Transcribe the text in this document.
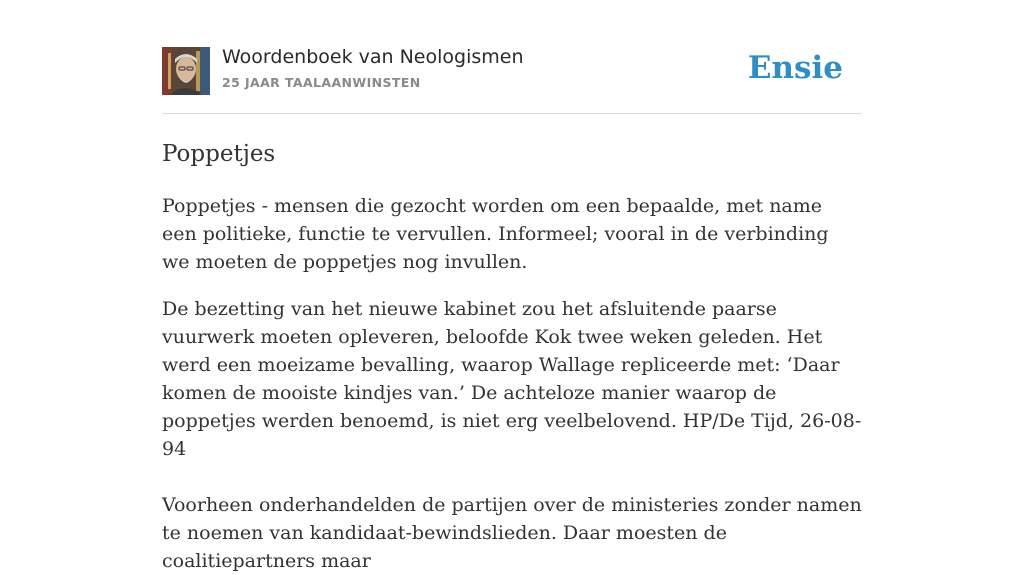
Woordenboek van Neologismen
25 JAAR TAALAANWINSTEN	Ensie
Poppetjes

Poppetjes - mensen die gezocht worden om een bepaalde, met name een politieke, functie te vervullen. Informeel; vooral in de verbinding we moeten de poppetjes nog invullen.

De bezetting van het nieuwe kabinet zou het afsluitende paarse vuurwerk moeten opleveren, beloofde Kok twee weken geleden. Het werd een moeizame bevalling, waarop Wallage repliceerde met: ‘Daar komen de mooiste kindjes van.’ De achteloze manier waarop de poppetjes werden benoemd, is niet erg veelbelovend. HP/De Tijd, 26-08-94

Voorheen onderhandelden de partijen over de ministeries zonder namen te noemen van kandidaat-bewindslieden. Daar moesten de coalitiepartners maar
